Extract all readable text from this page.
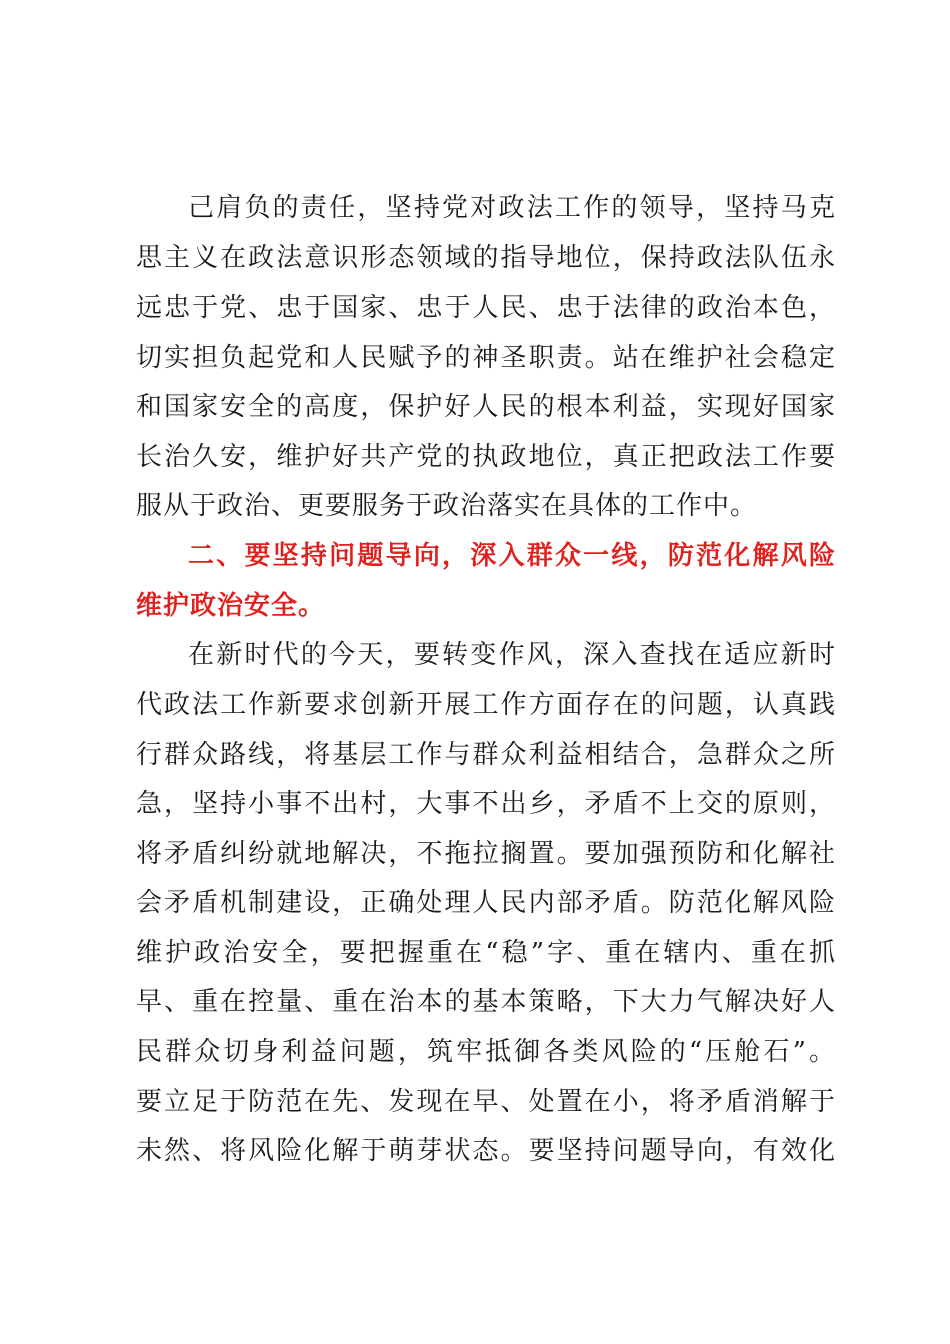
己肩负的责任，坚持党对政法工作的领导，坚持马克
思主义在政法意识形态领域的指导地位，保持政法队伍永
远忠于党、忠于国家、忠于人民、忠于法律的政治本色，
切实担负起党和人民赋予的神圣职责。站在维护社会稳定
和国家安全的高度，保护好人民的根本利益，实现好国家
长治久安，维护好共产党的执政地位，真正把政法工作要
服从于政治、更要服务于政治落实在具体的工作中。
二、要坚持问题导向，深入群众一线，防范化解风险
维护政治安全。
在新时代的今天，要转变作风，深入查找在适应新时
代政法工作新要求创新开展工作方面存在的问题，认真践
行群众路线，将基层工作与群众利益相结合，急群众之所
急，坚持小事不出村，大事不出乡，矛盾不上交的原则，
将矛盾纠纷就地解决，不拖拉搁置。要加强预防和化解社
会矛盾机制建设，正确处理人民内部矛盾。防范化解风险
维护政治安全，要把握重在“稳”字、重在辖内、重在抓
早、重在控量、重在治本的基本策略，下大力气解决好人
民群众切身利益问题，筑牢抵御各类风险的“压舱石”。
要立足于防范在先、发现在早、处置在小，将矛盾消解于
未然、将风险化解于萌芽状态。要坚持问题导向，有效化
